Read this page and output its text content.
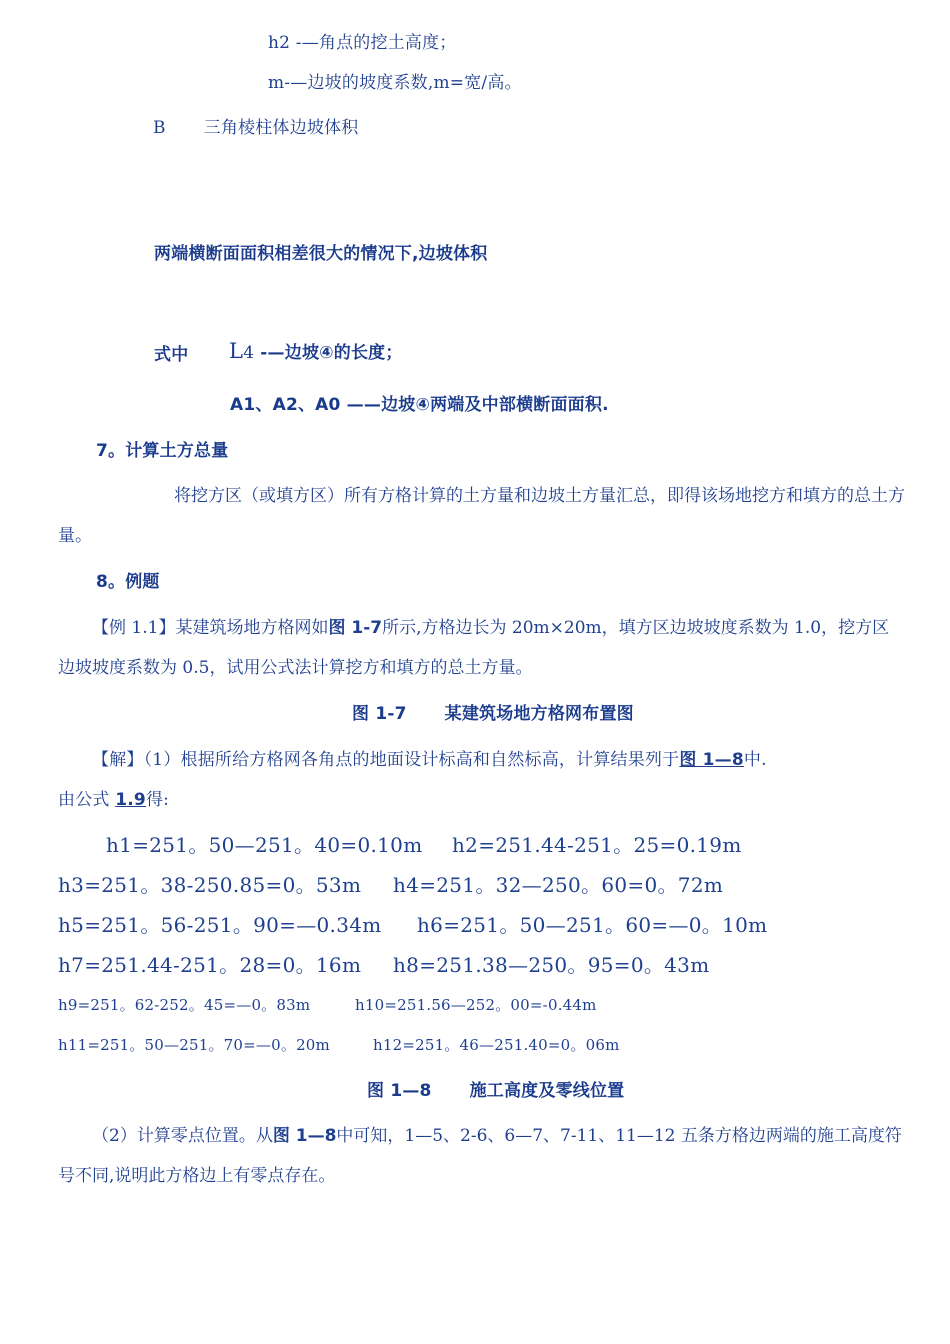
h2 -—角点的挖土高度；
m-—边坡的坡度系数,m=宽/高。
B 三角棱柱体边坡体积
两端横断面面积相差很大的情况下,边坡体积
式中 L4 -—边坡④的长度；
A1、A2、A0 ——边坡④两端及中部横断面面积.
7。计算土方总量
将挖方区（或填方区）所有方格计算的土方量和边坡土方量汇总，即得该场地挖方和填方的总土方量。
8。例题
【例 1.1】某建筑场地方格网如图 1-7所示,方格边长为 20m×20m，填方区边坡坡度系数为 1.0，挖方区边坡坡度系数为 0.5，试用公式法计算挖方和填方的总土方量。
图 1-7 某建筑场地方格网布置图
【解】（1）根据所给方格网各角点的地面设计标高和自然标高，计算结果列于图 1—8中.
由公式 1.9得:
h1=251。50—251。40=0.10m h2=251.44-251。25=0.19m
h3=251。38-250.85=0。53m h4=251。32—250。60=0。72m
h5=251。56-251。90=—0.34m h6=251。50—251。60=—0。10m
h7=251.44-251。28=0。16m h8=251.38—250。95=0。43m
h9=251。62-252。45=—0。83m	h10=251.56—252。00=-0.44m
h11=251。50—251。70=—0。20m	h12=251。46—251.40=0。06m
图 1—8 施工高度及零线位置
（2）计算零点位置。从图 1—8中可知，1—5、2-6、6—7、7-11、11—12 五条方格边两端的施工高度符号不同,说明此方格边上有零点存在。
